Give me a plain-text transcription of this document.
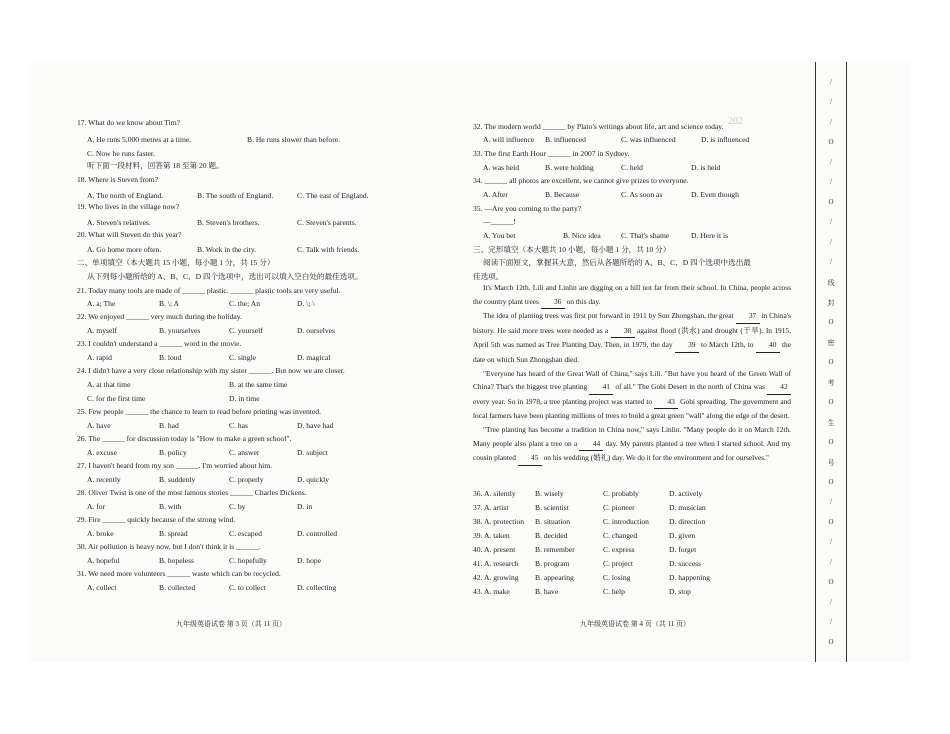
202
17. What do we know about Tim?
A. He runs 5,000 metres at a time.	B. He runs slower than before.
C. Now he runs faster.
听下面一段材料，回答第 18 至第 20 题。
18. Where is Steven from?
A. The north of England.	B. The south of England.	C. The east of England.
19. Who lives in the village now?
A. Steven's relatives.	B. Steven's brothers.	C. Steven's parents.
20. What will Steven do this year?
A. Go home more often.	B. Work in the city.	C. Talk with friends.
二、单项填空（本大题共 15 小题，每小题 1 分，共 15 分）
从下列每小题所给的 A、B、C、D 四个选项中，选出可以填入空白处的最佳选项。
21. Today many tools are made of ______ plastic. ______ plastic tools are very useful.
A. a; The	B. \; A	C. the; An	D. \; \
22. We enjoyed ______ very much during the holiday.
A. myself	B. yourselves	C. yourself	D. ourselves
23. I couldn't understand a ______ word in the movie.
A. rapid	B. loud	C. single	D. magical
24. I didn't have a very close relationship with my sister ______. But now we are closer.
A. at that time	B. at the same time
C. for the first time	D. in time
25. Few people ______ the chance to learn to read before printing was invented.
A. have	B. had	C. has	D. have had
26. The ______ for discussion today is "How to make a green school".
A. excuse	B. policy	C. answer	D. subject
27. I haven't heard from my son ______. I'm worried about him.
A. recently	B. suddenly	C. properly	D. quickly
28. Oliver Twist is one of the most famous stories ______ Charles Dickens.
A. for	B. with	C. by	D. in
29. Fire ______ quickly because of the strong wind.
A. broke	B. spread	C. escaped	D. controlled
30. Air pollution is heavy now, but I don't think it is ______.
A. hopeful	B. hopeless	C. hopefully	D. hope
31. We need more volunteers ______ waste which can be recycled.
A. collect	B. collected	C. to collect	D. collecting
九年级英语试卷 第 3 页（共 11 页）
32. The modern world ______ by Plato's writings about life, art and science today.
A. will influence B. influenced	C. was influenced	D. is influenced
33. The first Earth Hour ______ in 2007 in Sydney.
A. was held	B. were holding	C. held	D. is held
34. ______ all photos are excellent, we cannot give prizes to everyone.
A. After	B. Because	C. As soon as	D. Even though
35. —Are you coming to the party?
—______!
A. You bet	B. Nice idea	C. That's shame	D. Here it is
三、完形填空（本大题共 10 小题，每小题 1 分，共 10 分）
阅读下面短文，掌握其大意，然后从各题所给的 A、B、C、D 四个选项中选出最
佳选项。
It's March 12th. Lili and Linlin are digging on a hill not far from their school. In China, people across the country plant trees 36 on this day.
The idea of planting trees was first put forward in 1911 by Sun Zhongshan, the great 37 in China's history. He said more trees were needed as a 38 against flood (洪水) and drought (干旱). In 1915, April 5th was named as Tree Planting Day. Then, in 1979, the day 39 to March 12th, to 40 the date on which Sun Zhongshan died.
"Everyone has heard of the Great Wall of China," says Lili. "But have you heard of the Green Wall of China? That's the biggest tree planting 41 of all." The Gobi Desert in the north of China was 42 every year. So in 1978, a tree planting project was started to 43 Gobi spreading. The government and local farmers have been planting millions of trees to build a great green "wall" along the edge of the desert.
"Tree planting has become a tradition in China now," says Linlin. "Many people do it on March 12th. Many people also plant a tree on a 44 day. My parents planted a tree when I started school. And my cousin planted 45 on his wedding (婚礼) day. We do it for the environment and for ourselves."
36. A. silently	B. wisely	C. probably	D. actively
37. A. artist	B. scientist	C. pioneer	D. musician
38. A. protection B. situation	C. introduction	D. direction
39. A. taken	B. decided	C. changed	D. given
40. A. present	B. remember	C. express	D. forget
41. A. research B. program	C. project	D. success
42. A. growing B. appearing	C. losing	D. happening
43. A. make	B. have	C. help	D. stop
九年级英语试卷 第 4 页（共 11 页）
/
/
/
O
/
/
O
/
/
/
线
封
O
密
O
考
O
生
O
号
O
/
O
/
/
O
/
/
O
